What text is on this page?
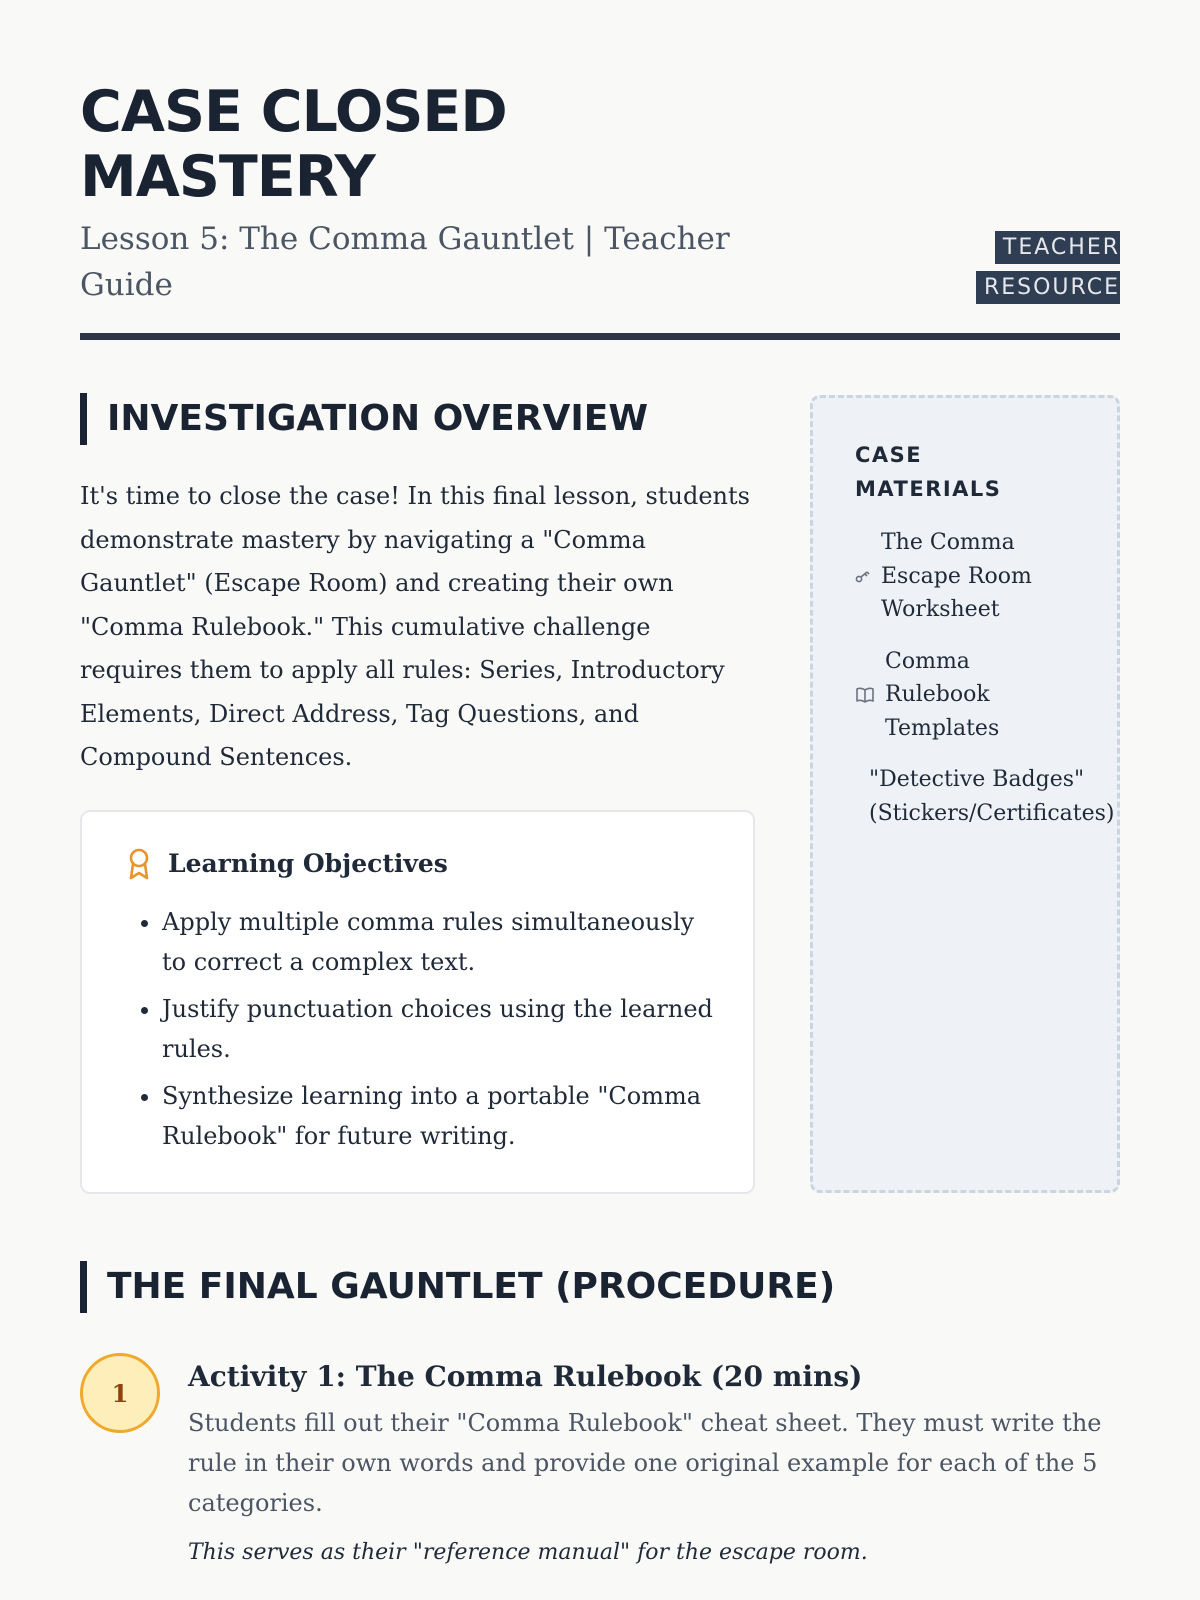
CASE CLOSED MASTERY
Lesson 5: The Comma Gauntlet | Teacher Guide
TEACHER RESOURCE
INVESTIGATION OVERVIEW

It's time to close the case! In this final lesson, students demonstrate mastery by navigating a "Comma Gauntlet" (Escape Room) and creating their own "Comma Rulebook." This cumulative challenge requires them to apply all rules: Series, Introductory Elements, Direct Address, Tag Questions, and Compound Sentences.

Learning Objectives
• Apply multiple comma rules simultaneously to correct a complex text.
• Justify punctuation choices using the learned rules.
• Synthesize learning into a portable "Comma Rulebook" for future writing.
CASE MATERIALS
The Comma Escape Room Worksheet
Comma Rulebook Templates
"Detective Badges" (Stickers/Certificates)
THE FINAL GAUNTLET (PROCEDURE)
1	Activity 1: The Comma Rulebook (20 mins)

Students fill out their "Comma Rulebook" cheat sheet. They must write the rule in their own words and provide one original example for each of the 5 categories.

This serves as their "reference manual" for the escape room.
